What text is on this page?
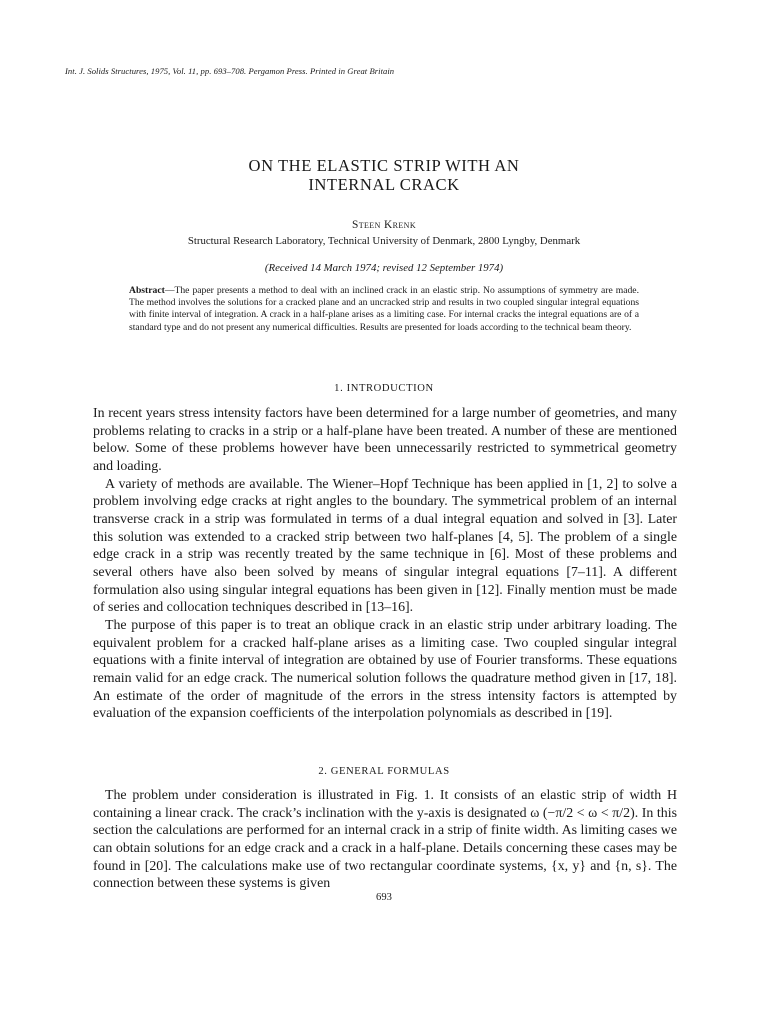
Int. J. Solids Structures, 1975, Vol. 11, pp. 693–708. Pergamon Press. Printed in Great Britain
ON THE ELASTIC STRIP WITH AN
INTERNAL CRACK
Steen Krenk
Structural Research Laboratory, Technical University of Denmark, 2800 Lyngby, Denmark
(Received 14 March 1974; revised 12 September 1974)
Abstract—The paper presents a method to deal with an inclined crack in an elastic strip. No assumptions of symmetry are made. The method involves the solutions for a cracked plane and an uncracked strip and results in two coupled singular integral equations with finite interval of integration. A crack in a half-plane arises as a limiting case. For internal cracks the integral equations are of a standard type and do not present any numerical difficulties. Results are presented for loads according to the technical beam theory.
1. INTRODUCTION

In recent years stress intensity factors have been determined for a large number of geometries, and many problems relating to cracks in a strip or a half-plane have been treated. A number of these are mentioned below. Some of these problems however have been unnecessarily restricted to symmetrical geometry and loading.

A variety of methods are available. The Wiener–Hopf Technique has been applied in [1, 2] to solve a problem involving edge cracks at right angles to the boundary. The symmetrical problem of an internal transverse crack in a strip was formulated in terms of a dual integral equation and solved in [3]. Later this solution was extended to a cracked strip between two half-planes [4, 5]. The problem of a single edge crack in a strip was recently treated by the same technique in [6]. Most of these problems and several others have also been solved by means of singular integral equations [7–11]. A different formulation also using singular integral equations has been given in [12]. Finally mention must be made of series and collocation techniques described in [13–16].

The purpose of this paper is to treat an oblique crack in an elastic strip under arbitrary loading. The equivalent problem for a cracked half-plane arises as a limiting case. Two coupled singular integral equations with a finite interval of integration are obtained by use of Fourier transforms. These equations remain valid for an edge crack. The numerical solution follows the quadrature method given in [17, 18]. An estimate of the order of magnitude of the errors in the stress intensity factors is attempted by evaluation of the expansion coefficients of the interpolation polynomials as described in [19].

2. GENERAL FORMULAS

The problem under consideration is illustrated in Fig. 1. It consists of an elastic strip of width H containing a linear crack. The crack’s inclination with the y-axis is designated ω (−π/2 < ω < π/2). In this section the calculations are performed for an internal crack in a strip of finite width. As limiting cases we can obtain solutions for an edge crack and a crack in a half-plane. Details concerning these cases may be found in [20]. The calculations make use of two rectangular coordinate systems, {x, y} and {n, s}. The connection between these systems is given

693
